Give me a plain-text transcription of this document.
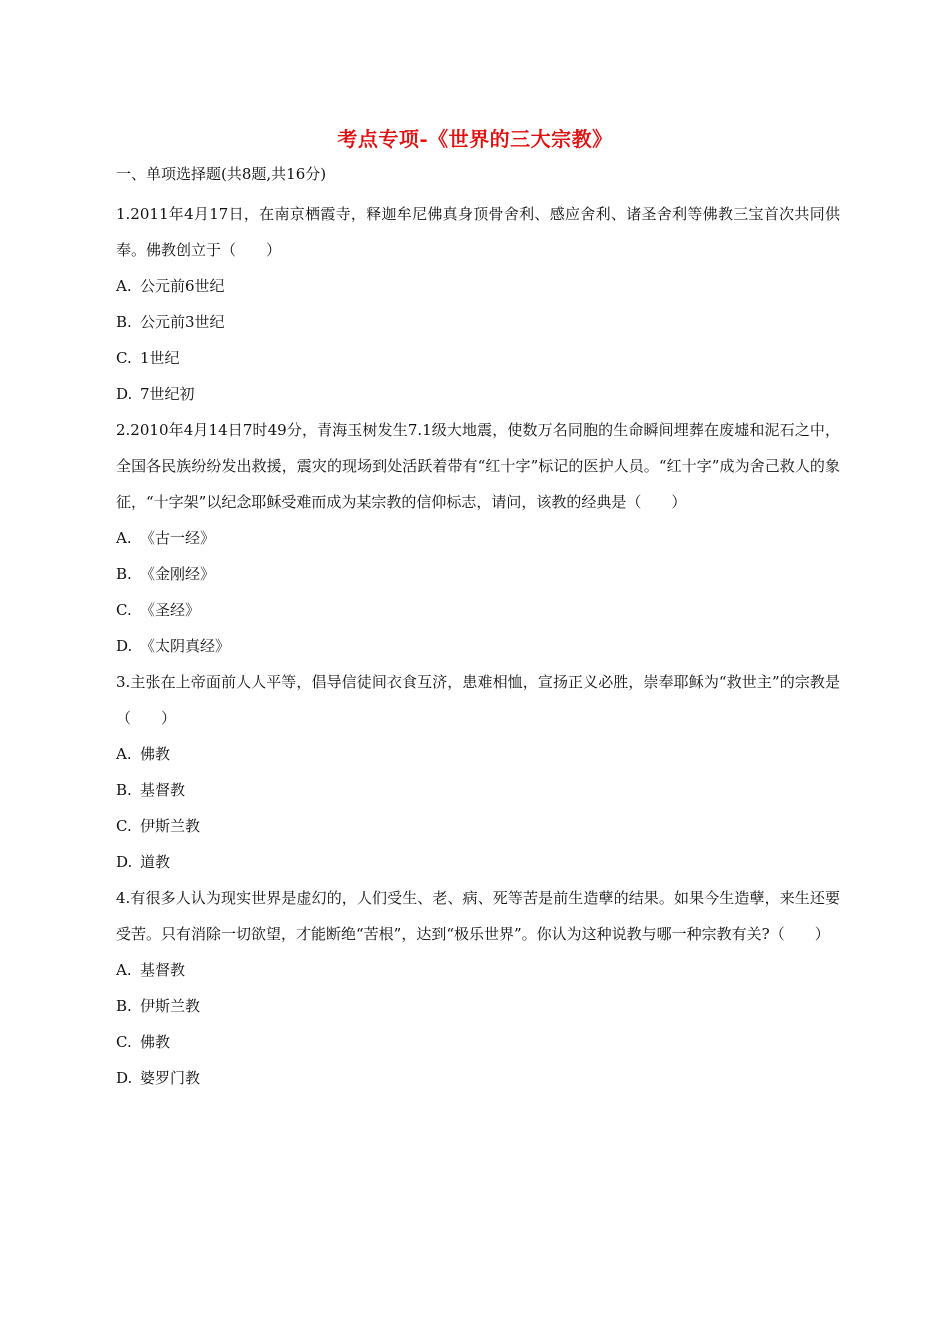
考点专项-《世界的三大宗教》
一、单项选择题(共8题,共16分)

1.2011年4月17日，在南京栖霞寺，释迦牟尼佛真身顶骨舍利、感应舍利、诸圣舍利等佛教三宝首次共同供奉。佛教创立于（　　）

A. 公元前6世纪
B. 公元前3世纪
C. 1世纪
D. 7世纪初

2.2010年4月14日7时49分，青海玉树发生7.1级大地震，使数万名同胞的生命瞬间埋葬在废墟和泥石之中，全国各民族纷纷发出救援，震灾的现场到处活跃着带有“红十字”标记的医护人员。“红十字”成为舍己救人的象征，“十字架”以纪念耶稣受难而成为某宗教的信仰标志，请问，该教的经典是（　　）

A. 《古一经》
B. 《金刚经》
C. 《圣经》
D. 《太阴真经》

3.主张在上帝面前人人平等，倡导信徒间衣食互济，患难相恤，宣扬正义必胜，崇奉耶稣为“救世主”的宗教是（　　）

A. 佛教
B. 基督教
C. 伊斯兰教
D. 道教

4.有很多人认为现实世界是虚幻的，人们受生、老、病、死等苦是前生造孽的结果。如果今生造孽，来生还要受苦。只有消除一切欲望，才能断绝“苦根”，达到“极乐世界”。你认为这种说教与哪一种宗教有关?（　　）

A. 基督教
B. 伊斯兰教
C. 佛教
D. 婆罗门教
